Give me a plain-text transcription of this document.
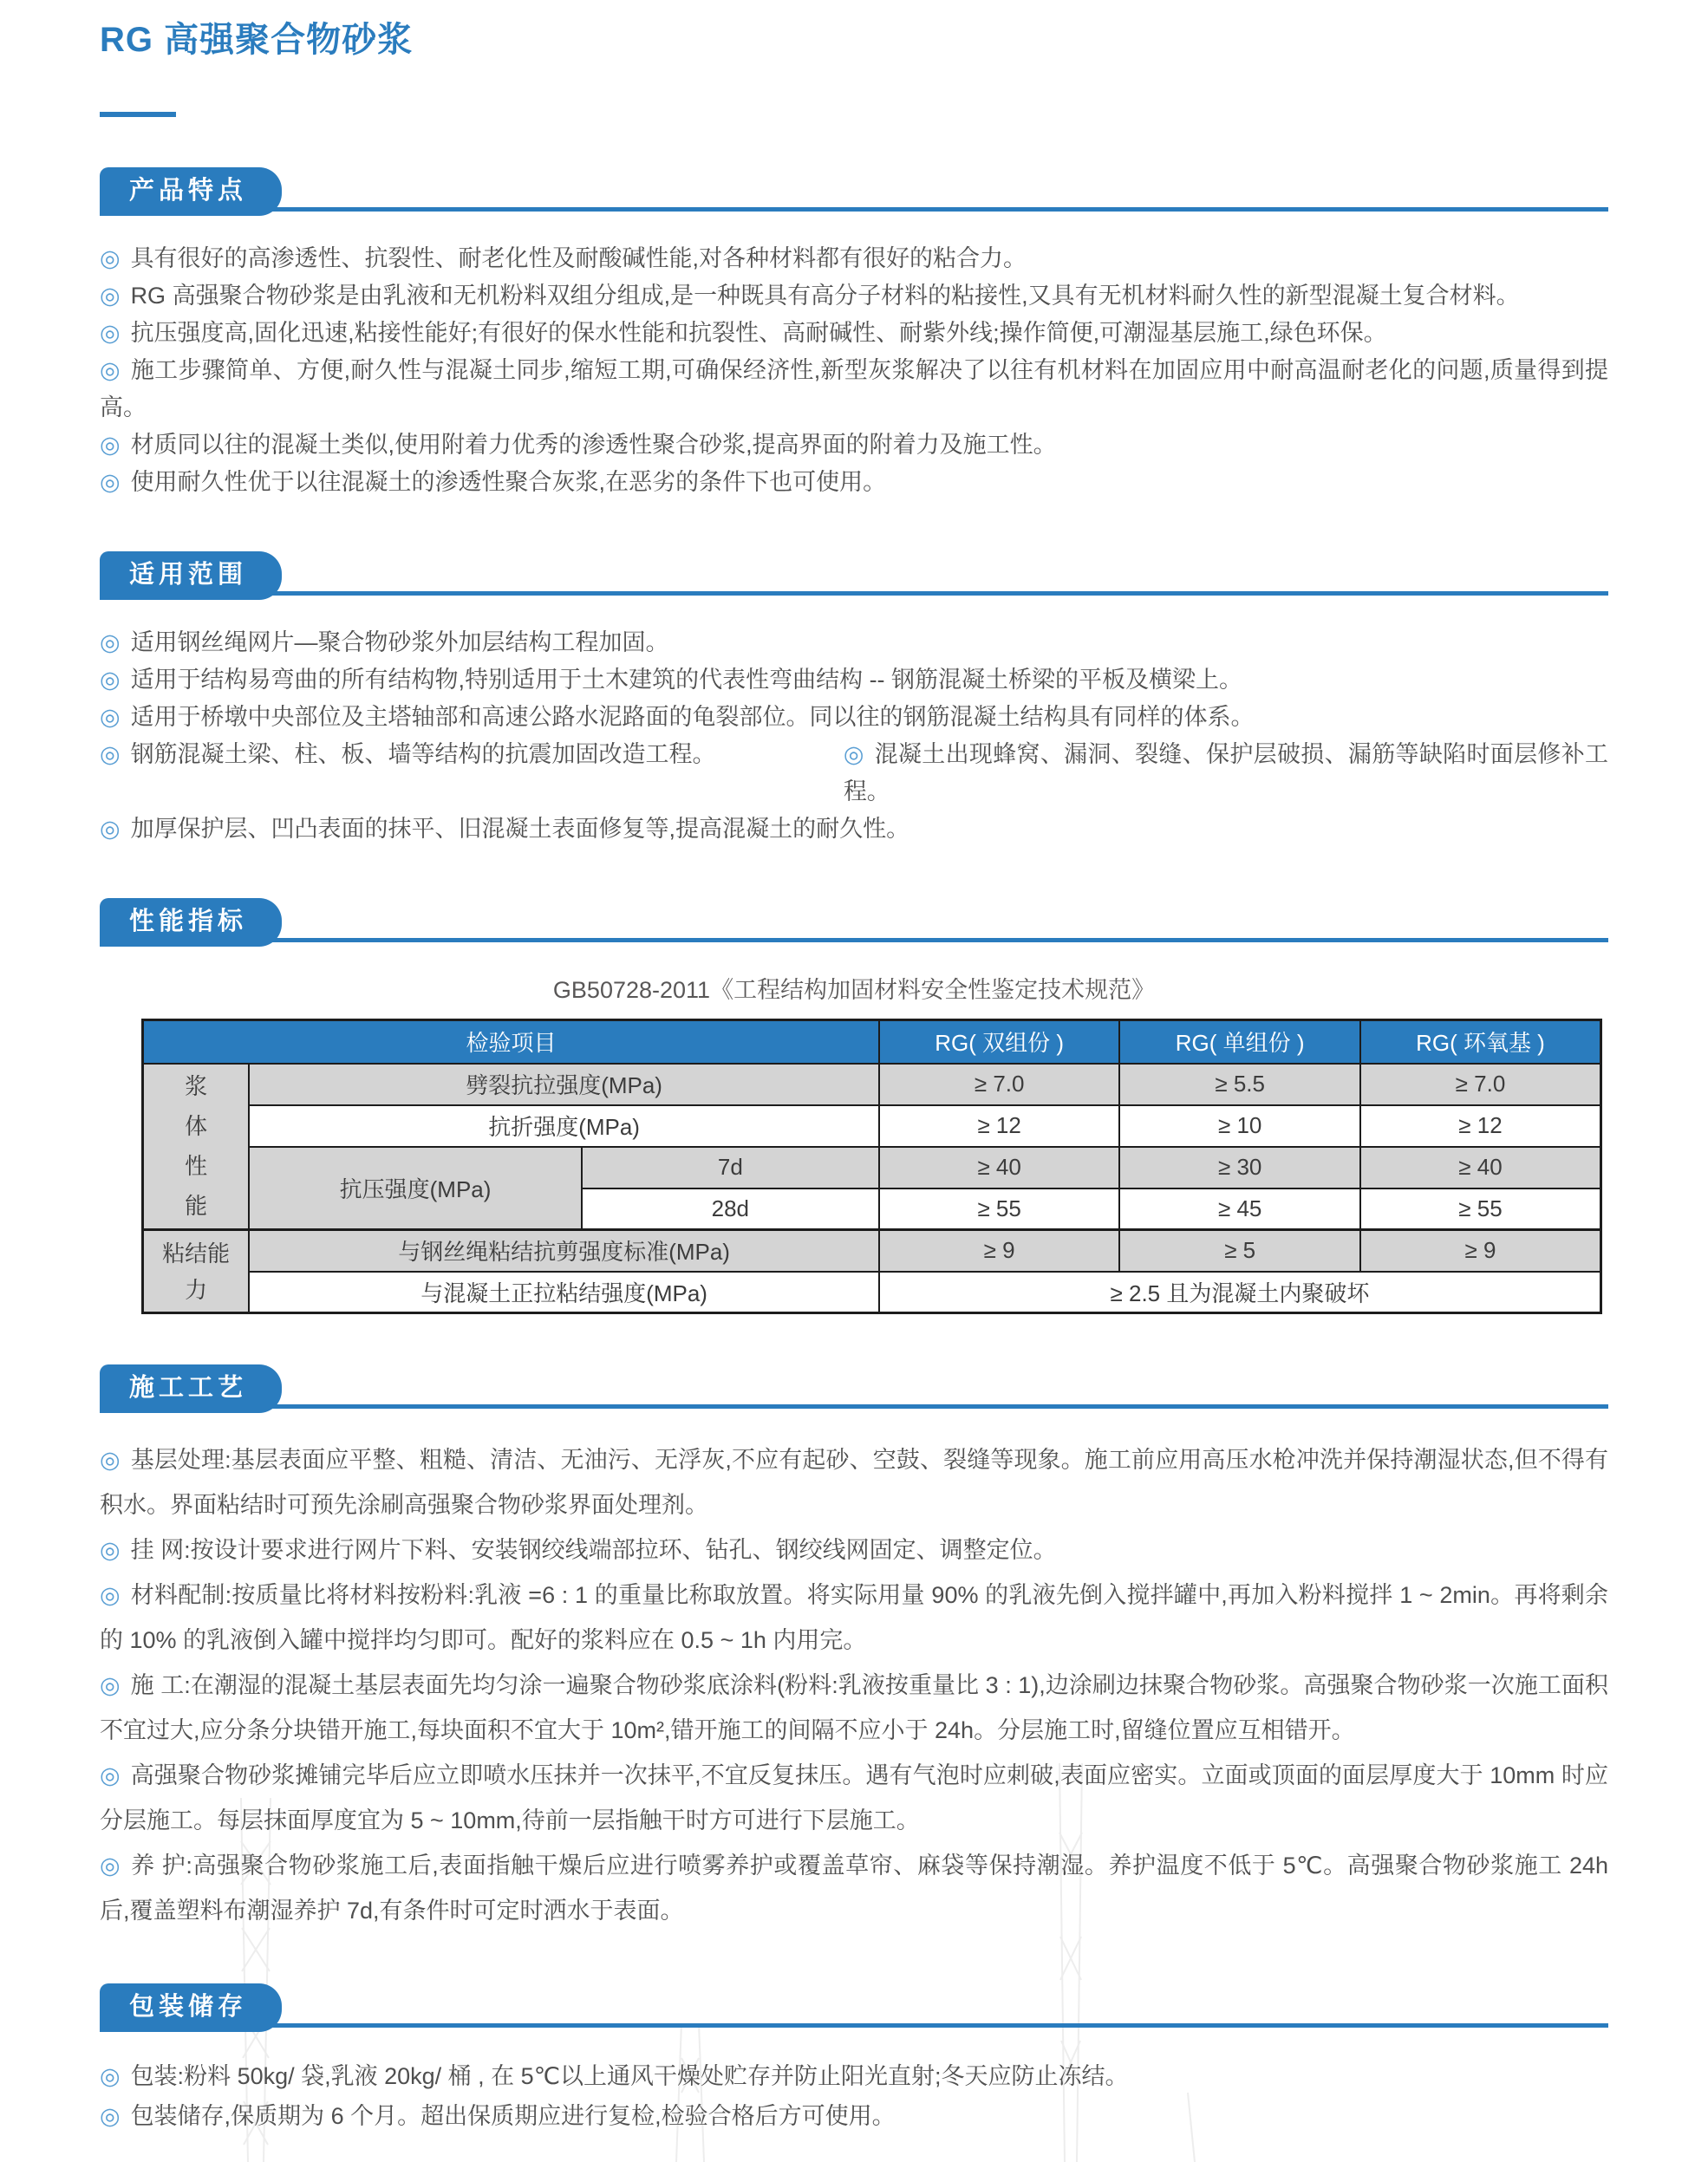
RG 高强聚合物砂浆
产品特点

◎ 具有很好的高渗透性、抗裂性、耐老化性及耐酸碱性能,对各种材料都有很好的粘合力。

◎ RG 高强聚合物砂浆是由乳液和无机粉料双组分组成,是一种既具有高分子材料的粘接性,又具有无机材料耐久性的新型混凝土复合材料。

◎ 抗压强度高,固化迅速,粘接性能好;有很好的保水性能和抗裂性、高耐碱性、耐紫外线;操作简便,可潮湿基层施工,绿色环保。

◎ 施工步骤简单、方便,耐久性与混凝土同步,缩短工期,可确保经济性,新型灰浆解决了以往有机材料在加固应用中耐高温耐老化的问题,质量得到提高。

◎ 材质同以往的混凝土类似,使用附着力优秀的渗透性聚合砂浆,提高界面的附着力及施工性。

◎ 使用耐久性优于以往混凝土的渗透性聚合灰浆,在恶劣的条件下也可使用。

适用范围

◎ 适用钢丝绳网片—聚合物砂浆外加层结构工程加固。

◎ 适用于结构易弯曲的所有结构物,特别适用于土木建筑的代表性弯曲结构 -- 钢筋混凝土桥梁的平板及横梁上。

◎ 适用于桥墩中央部位及主塔轴部和高速公路水泥路面的龟裂部位。同以往的钢筋混凝土结构具有同样的体系。

◎ 钢筋混凝土梁、柱、板、墙等结构的抗震加固改造工程。	◎ 混凝土出现蜂窝、漏洞、裂缝、保护层破损、漏筋等缺陷时面层修补工程。

◎ 加厚保护层、凹凸表面的抹平、旧混凝土表面修复等,提高混凝土的耐久性。

性能指标

GB50728-2011《工程结构加固材料安全性鉴定技术规范》

检验项目			RG( 双组份 )	RG( 单组份 )	RG( 环氧基 )
浆体性能	劈裂抗拉强度(MPa)		≥ 7.0	≥ 5.5	≥ 7.0
	抗折强度(MPa)		≥ 12	≥ 10	≥ 12
	抗压强度(MPa)	7d	≥ 40	≥ 30	≥ 40
		28d	≥ 55	≥ 45	≥ 55
粘结能力	与钢丝绳粘结抗剪强度标准(MPa)		≥ 9	≥ 5	≥ 9
	与混凝土正拉粘结强度(MPa)		≥ 2.5 且为混凝土内聚破坏		
施工工艺

◎ 基层处理:基层表面应平整、粗糙、清洁、无油污、无浮灰,不应有起砂、空鼓、裂缝等现象。施工前应用高压水枪冲洗并保持潮湿状态,但不得有积水。界面粘结时可预先涂刷高强聚合物砂浆界面处理剂。

◎ 挂 网:按设计要求进行网片下料、安装钢绞线端部拉环、钻孔、钢绞线网固定、调整定位。

◎ 材料配制:按质量比将材料按粉料:乳液 =6 : 1 的重量比称取放置。将实际用量 90% 的乳液先倒入搅拌罐中,再加入粉料搅拌 1 ~ 2min。再将剩余的 10% 的乳液倒入罐中搅拌均匀即可。配好的浆料应在 0.5 ~ 1h 内用完。

◎ 施 工:在潮湿的混凝土基层表面先均匀涂一遍聚合物砂浆底涂料(粉料:乳液按重量比 3 : 1),边涂刷边抹聚合物砂浆。高强聚合物砂浆一次施工面积不宜过大,应分条分块错开施工,每块面积不宜大于 10m²,错开施工的间隔不应小于 24h。分层施工时,留缝位置应互相错开。

◎ 高强聚合物砂浆摊铺完毕后应立即喷水压抹并一次抹平,不宜反复抹压。遇有气泡时应刺破,表面应密实。立面或顶面的面层厚度大于 10mm 时应分层施工。每层抹面厚度宜为 5 ~ 10mm,待前一层指触干时方可进行下层施工。

◎ 养 护:高强聚合物砂浆施工后,表面指触干燥后应进行喷雾养护或覆盖草帘、麻袋等保持潮湿。养护温度不低于 5℃。高强聚合物砂浆施工 24h 后,覆盖塑料布潮湿养护 7d,有条件时可定时洒水于表面。

包装储存

◎ 包装:粉料 50kg/ 袋,乳液 20kg/ 桶 , 在 5℃以上通风干燥处贮存并防止阳光直射;冬天应防止冻结。

◎ 包装储存,保质期为 6 个月。超出保质期应进行复检,检验合格后方可使用。
